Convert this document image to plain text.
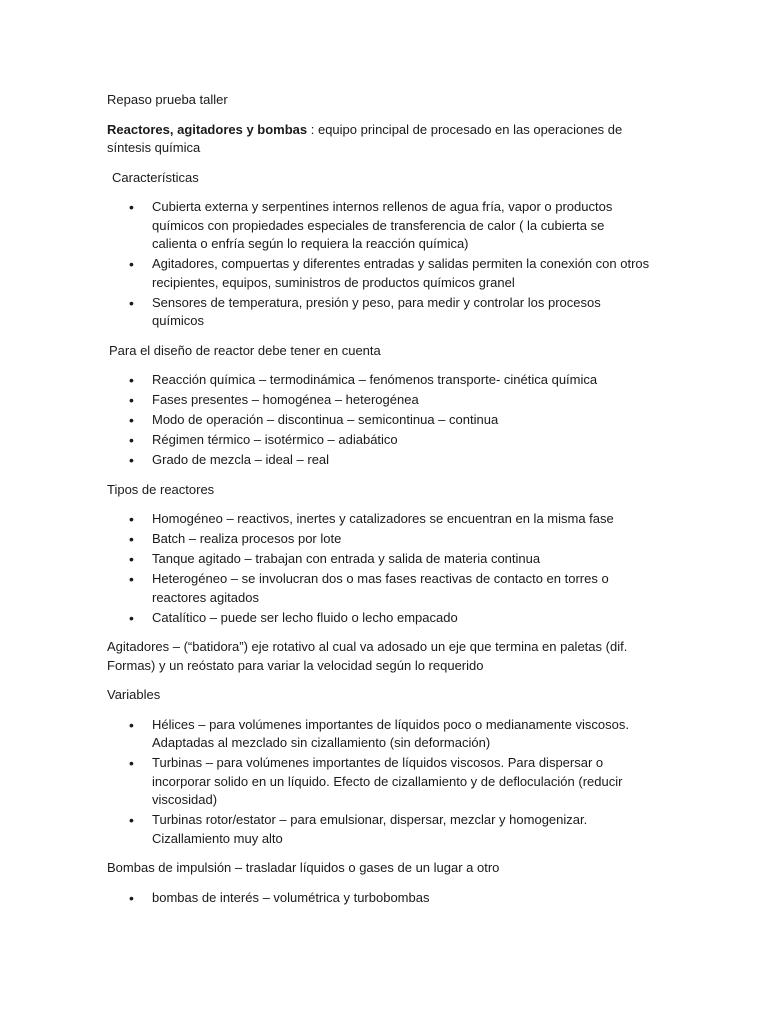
Repaso prueba taller

Reactores, agitadores y bombas : equipo principal de procesado en las operaciones de síntesis química

Características

• Cubierta externa y serpentines internos rellenos de agua fría, vapor o productos químicos con propiedades especiales de transferencia de calor ( la cubierta se calienta o enfría según lo requiera la reacción química)
• Agitadores, compuertas y diferentes entradas y salidas permiten la conexión con otros recipientes, equipos, suministros de productos químicos granel
• Sensores de temperatura, presión y peso, para medir y controlar los procesos químicos

Para el diseño de reactor debe tener en cuenta

• Reacción química – termodinámica – fenómenos transporte- cinética química
• Fases presentes – homogénea – heterogénea
• Modo de operación – discontinua – semicontinua – continua
• Régimen térmico – isotérmico – adiabático
• Grado de mezcla – ideal – real

Tipos de reactores

• Homogéneo – reactivos, inertes y catalizadores se encuentran en la misma fase
• Batch – realiza procesos por lote
• Tanque agitado – trabajan con entrada y salida de materia continua
• Heterogéneo – se involucran dos o mas fases reactivas de contacto en torres o reactores agitados
• Catalítico – puede ser lecho fluido o lecho empacado

Agitadores – (“batidora”) eje rotativo al cual va adosado un eje que termina en paletas (dif. Formas) y un reóstato para variar la velocidad según lo requerido

Variables

• Hélices – para volúmenes importantes de líquidos poco o medianamente viscosos. Adaptadas al mezclado sin cizallamiento (sin deformación)
• Turbinas – para volúmenes importantes de líquidos viscosos. Para dispersar o incorporar solido en un líquido. Efecto de cizallamiento y de defloculación (reducir viscosidad)
• Turbinas rotor/estator – para emulsionar, dispersar, mezclar y homogenizar. Cizallamiento muy alto

Bombas de impulsión – trasladar líquidos o gases de un lugar a otro

• bombas de interés – volumétrica y turbobombas
